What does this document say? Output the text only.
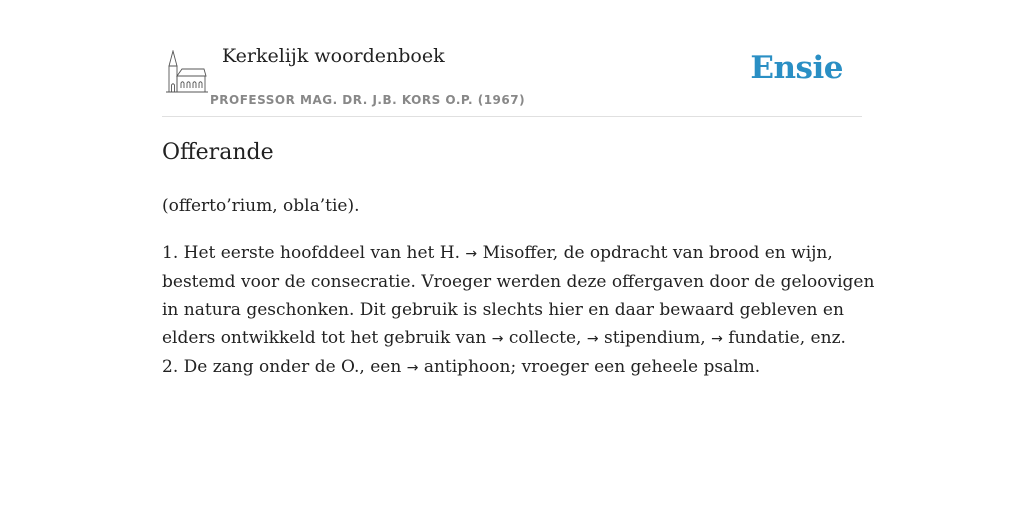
Kerkelijk woordenboek
PROFESSOR MAG. DR. J.B. KORS O.P. (1967)
Ensie
Offerande

(offerto’rium, obla’tie).

1. Het eerste hoofddeel van het H. → Misoffer, de opdracht van brood en wijn,
bestemd voor de consecratie. Vroeger werden deze offergaven door de geloovigen
in natura geschonken. Dit gebruik is slechts hier en daar bewaard gebleven en
elders ontwikkeld tot het gebruik van → collecte, → stipendium, → fundatie, enz.
2. De zang onder de O., een → antiphoon; vroeger een geheele psalm.
